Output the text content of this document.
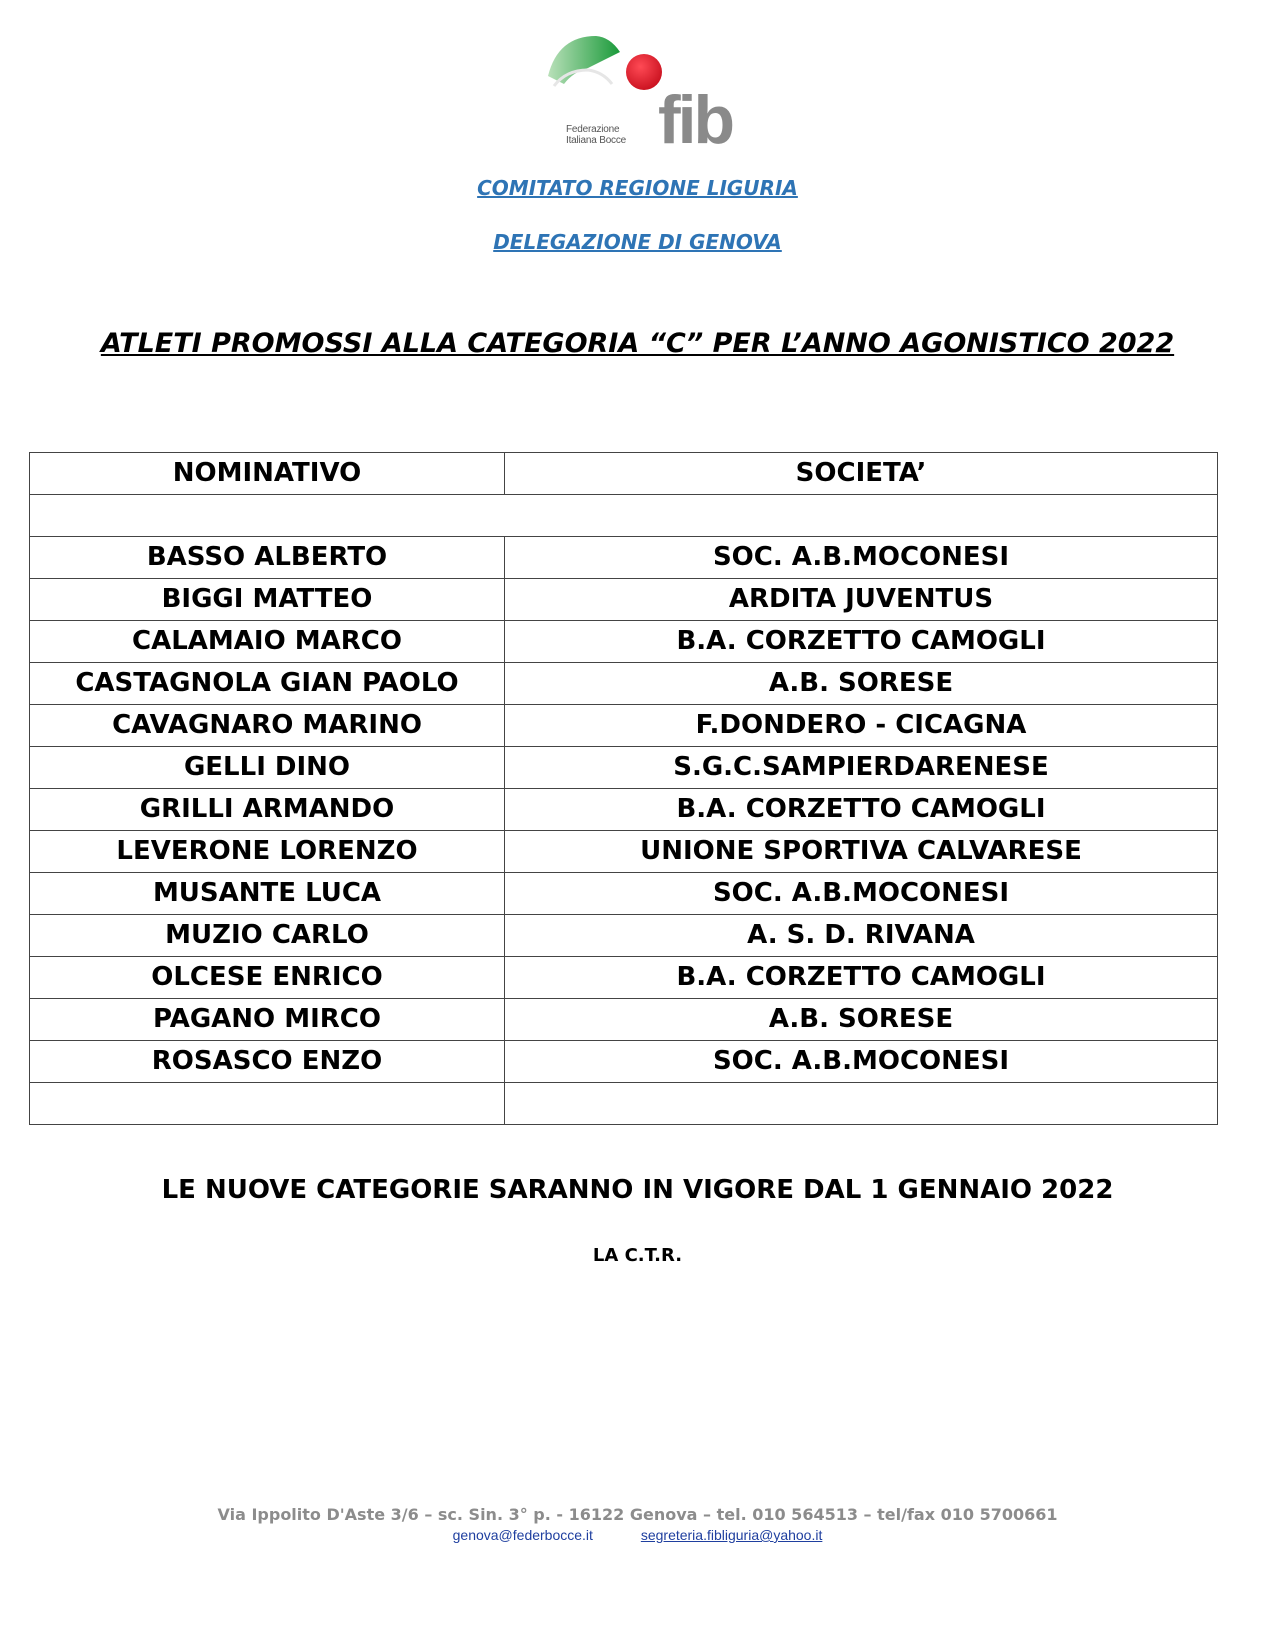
Federazione
Italiana Bocce fib
COMITATO REGIONE LIGURIA
DELEGAZIONE DI GENOVA
ATLETI PROMOSSI ALLA CATEGORIA “C” PER L’ANNO AGONISTICO 2022
NOMINATIVO	SOCIETA’

BASSO ALBERTO	SOC. A.B.MOCONESI
BIGGI MATTEO	ARDITA JUVENTUS
CALAMAIO MARCO	B.A. CORZETTO CAMOGLI
CASTAGNOLA GIAN PAOLO	A.B. SORESE
CAVAGNARO MARINO	F.DONDERO - CICAGNA
GELLI DINO	S.G.C.SAMPIERDARENESE
GRILLI ARMANDO	B.A. CORZETTO CAMOGLI
LEVERONE LORENZO	UNIONE SPORTIVA CALVARESE
MUSANTE LUCA	SOC. A.B.MOCONESI
MUZIO CARLO	A. S. D. RIVANA
OLCESE ENRICO	B.A. CORZETTO CAMOGLI
PAGANO MIRCO	A.B. SORESE
ROSASCO ENZO	SOC. A.B.MOCONESI

LE NUOVE CATEGORIE SARANNO IN VIGORE DAL 1 GENNAIO 2022
LA C.T.R.
Via Ippolito D'Aste 3/6 – sc. Sin. 3° p. - 16122 Genova – tel. 010 564513 – tel/fax 010 5700661
genova@federbocce.it	segreteria.fibliguria@yahoo.it
